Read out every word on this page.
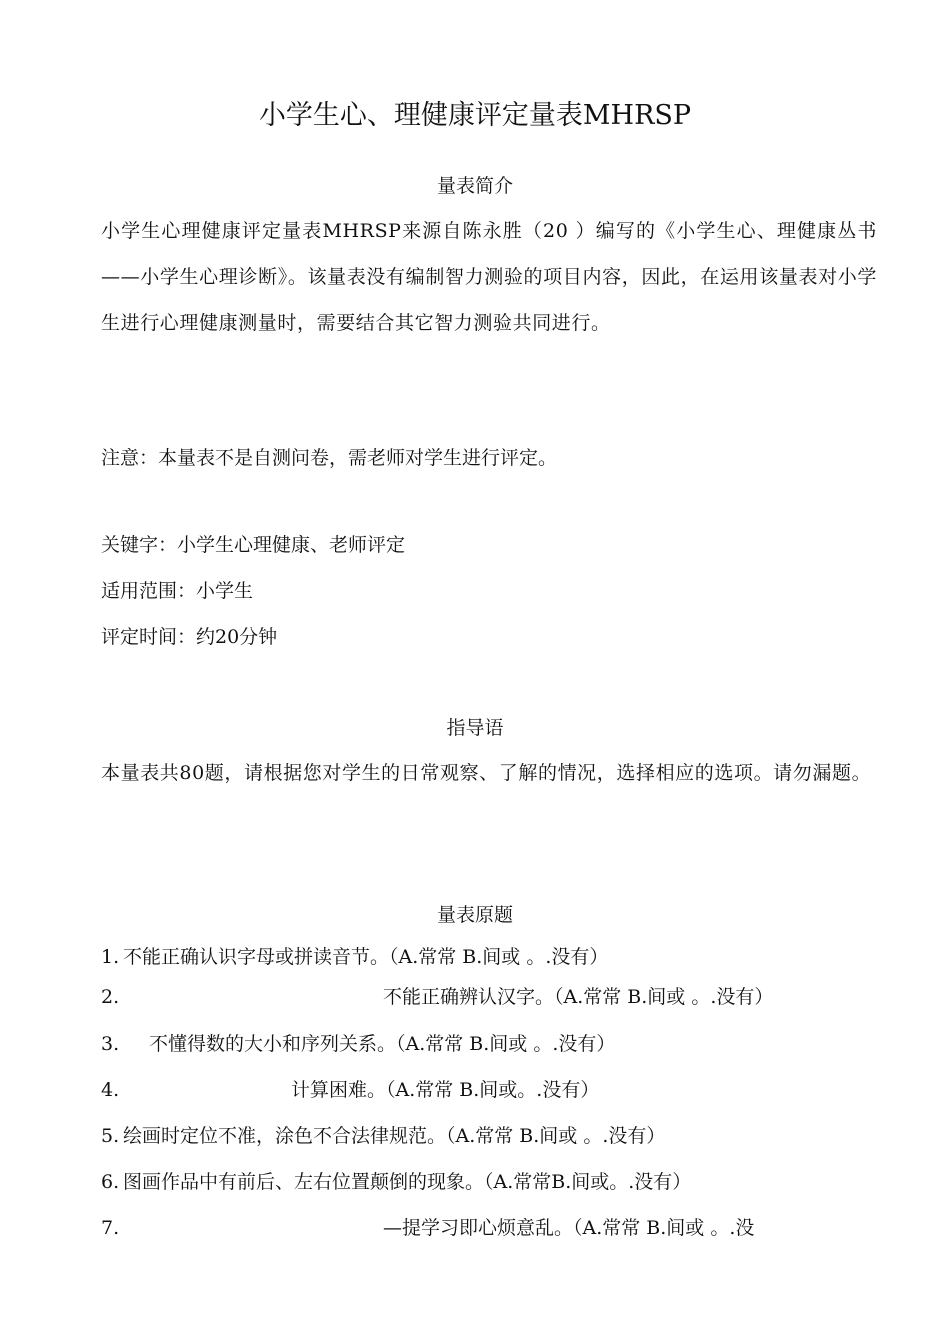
小学生心、理健康评定量表MHRSP
量表简介
小学生心理健康评定量表MHRSP来源自陈永胜（20 ）编写的《小学生心、理健康丛书——小学生心理诊断》。该量表没有编制智力测验的项目内容，因此，在运用该量表对小学生进行心理健康测量时，需要结合其它智力测验共同进行。
注意：本量表不是自测问卷，需老师对学生进行评定。
关键字：小学生心理健康、老师评定
适用范围：小学生
评定时间：约20分钟
指导语
本量表共80题，请根据您对学生的日常观察、了解的情况，选择相应的选项。请勿漏题。
量表原题
1. 不能正确认识字母或拼读音节。（A.常常 B.间或 。.没有）
2.	不能正确辨认汉字。（A.常常 B.间或 。.没有）
3. 不懂得数的大小和序列关系。（A.常常 B.间或 。.没有）
4.	计算困难。（A.常常 B.间或。.没有）
5. 绘画时定位不准，涂色不合法律规范。（A.常常 B.间或 。.没有）
6. 图画作品中有前后、左右位置颠倒的现象。（A.常常B.间或。.没有）
7.	—提学习即心烦意乱。（A.常常 B.间或 。.没
